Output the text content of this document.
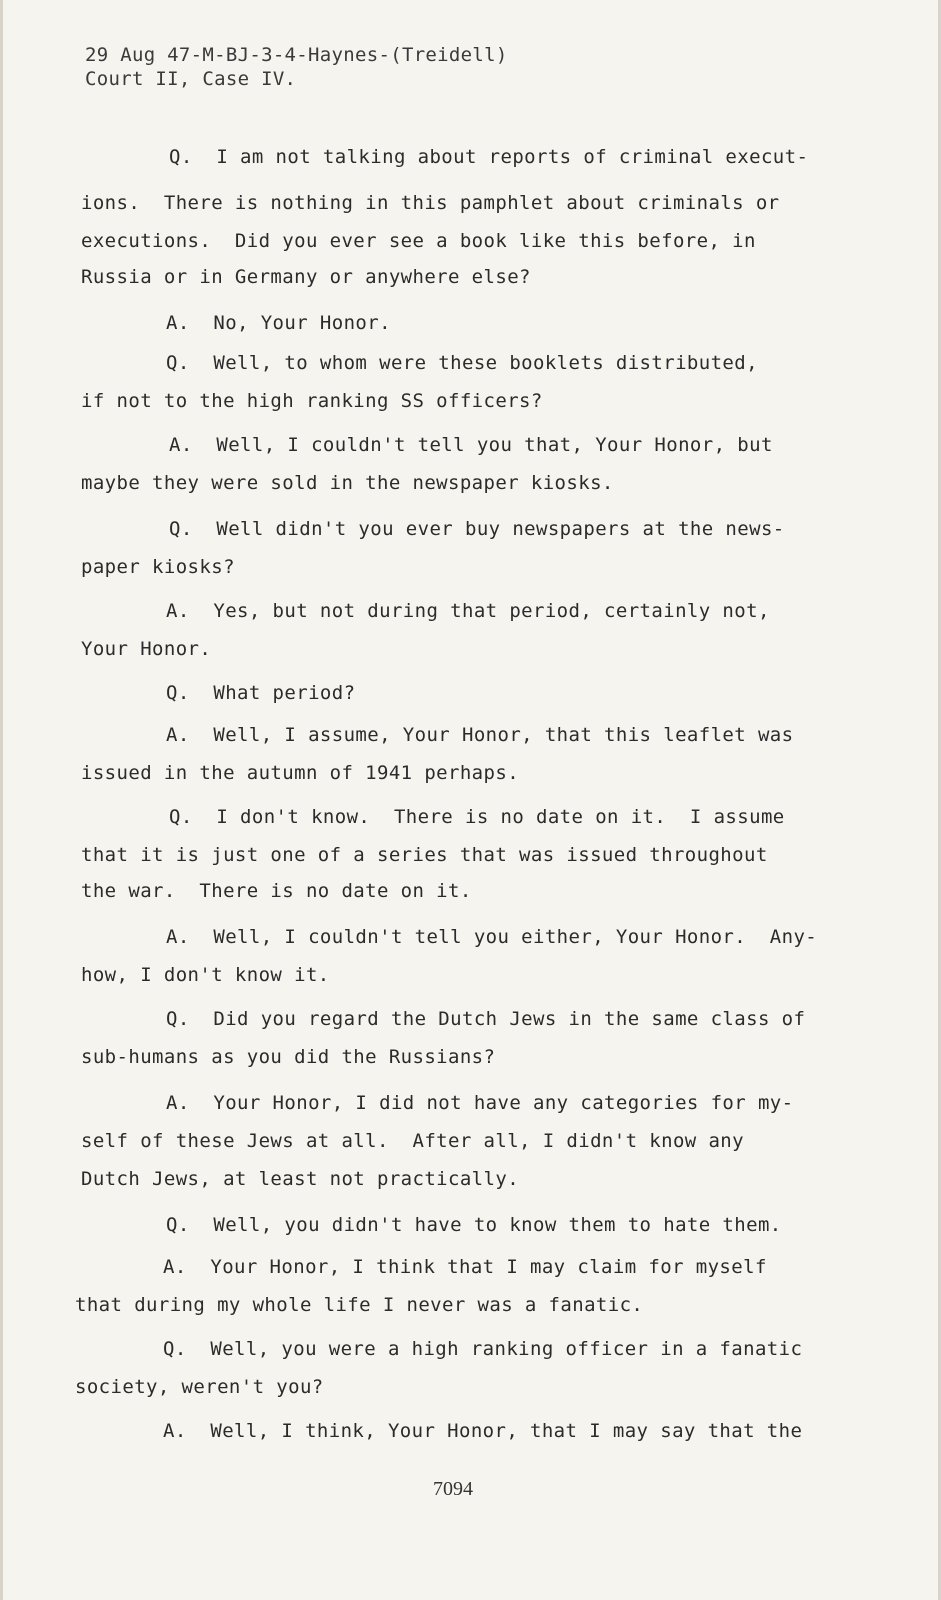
29 Aug 47-M-BJ-3-4-Haynes-(Treidell)
Court II, Case IV.

Q.  I am not talking about reports of criminal execut-

ions.  There is nothing in this pamphlet about criminals or

executions.  Did you ever see a book like this before, in

Russia or in Germany or anywhere else?

A.  No, Your Honor.

Q.  Well, to whom were these booklets distributed,

if not to the high ranking SS officers?

A.  Well, I couldn't tell you that, Your Honor, but

maybe they were sold in the newspaper kiosks.

Q.  Well didn't you ever buy newspapers at the news-

paper kiosks?

A.  Yes, but not during that period, certainly not,

Your Honor.

Q.  What period?

A.  Well, I assume, Your Honor, that this leaflet was

issued in the autumn of 1941 perhaps.

Q.  I don't know.  There is no date on it.  I assume

that it is just one of a series that was issued throughout

the war.  There is no date on it.

A.  Well, I couldn't tell you either, Your Honor.  Any-

how, I don't know it.

Q.  Did you regard the Dutch Jews in the same class of

sub-humans as you did the Russians?

A.  Your Honor, I did not have any categories for my-

self of these Jews at all.  After all, I didn't know any

Dutch Jews, at least not practically.

Q.  Well, you didn't have to know them to hate them.

A.  Your Honor, I think that I may claim for myself

that during my whole life I never was a fanatic.

Q.  Well, you were a high ranking officer in a fanatic

society, weren't you?

A.  Well, I think, Your Honor, that I may say that the

7094
